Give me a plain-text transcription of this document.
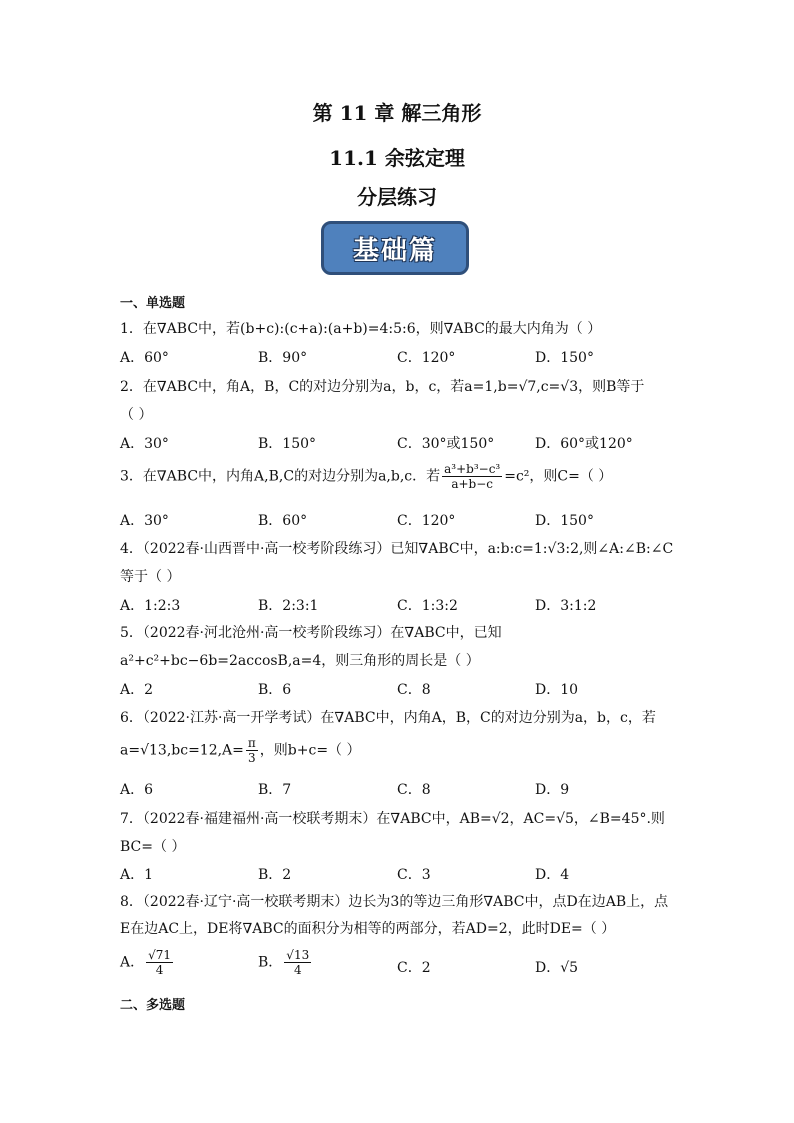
第 11 章 解三角形
11.1 余弦定理
分层练习
基础篇
一、单选题
1．在∇ABC中，若(b+c):(c+a):(a+b)=4:5:6，则∇ABC的最大内角为（ ）
A．60°	B．90°	C．120°	D．150°
2．在∇ABC中，角A，B，C的对边分别为a，b，c，若a=1,b=√7,c=√3，则B等于
（ ）
A．30°	B．150°	C．30°或150°	D．60°或120°
3．在∇ABC中，内角A,B,C的对边分别为a,b,c．若 $\frac{\text{a³+b³−c³}}{a+b-c} =c^2$，则C=（ ）
A．30°	B．60°	C．120°	D．150°
4．（2022春·山西晋中·高一校考阶段练习）已知∇ABC中，a:b:c=1:√3:2,则∠A:∠B:∠C
等于（ ）
A．1:2:3	B．2:3:1	C．1:3:2	D．3:1:2
5．（2022春·河北沧州·高一校考阶段练习）在∇ABC中，已知
a²+c²+bc−6b=2accosB,a=4，则三角形的周长是（ ）
A．2	B．6	C．8	D．10
6．（2022·江苏·高一开学考试）在∇ABC中，内角A，B，C的对边分别为a，b，c，若
$a=√13,bc=12,A= \frac{\pi}{3}$ ，则b+c=（ ）
A．6	B．7	C．8	D．9
7．（2022春·福建福州·高一校联考期末）在∇ABC中，AB=√2，AC=√5，∠B=45°.则
BC=（ ）
A．1	B．2	C．3	D．4
8．（2022春·辽宁·高一校联考期末）边长为3的等边三角形∇ABC中，点D在边AB上，点
E在边AC上，DE将∇ABC的面积分为相等的两部分，若AD=2，此时DE=（ ）
A． $\frac{√71}{4}$	B． $\frac{√13}{4}$	C．2	D．√5
二、多选题
